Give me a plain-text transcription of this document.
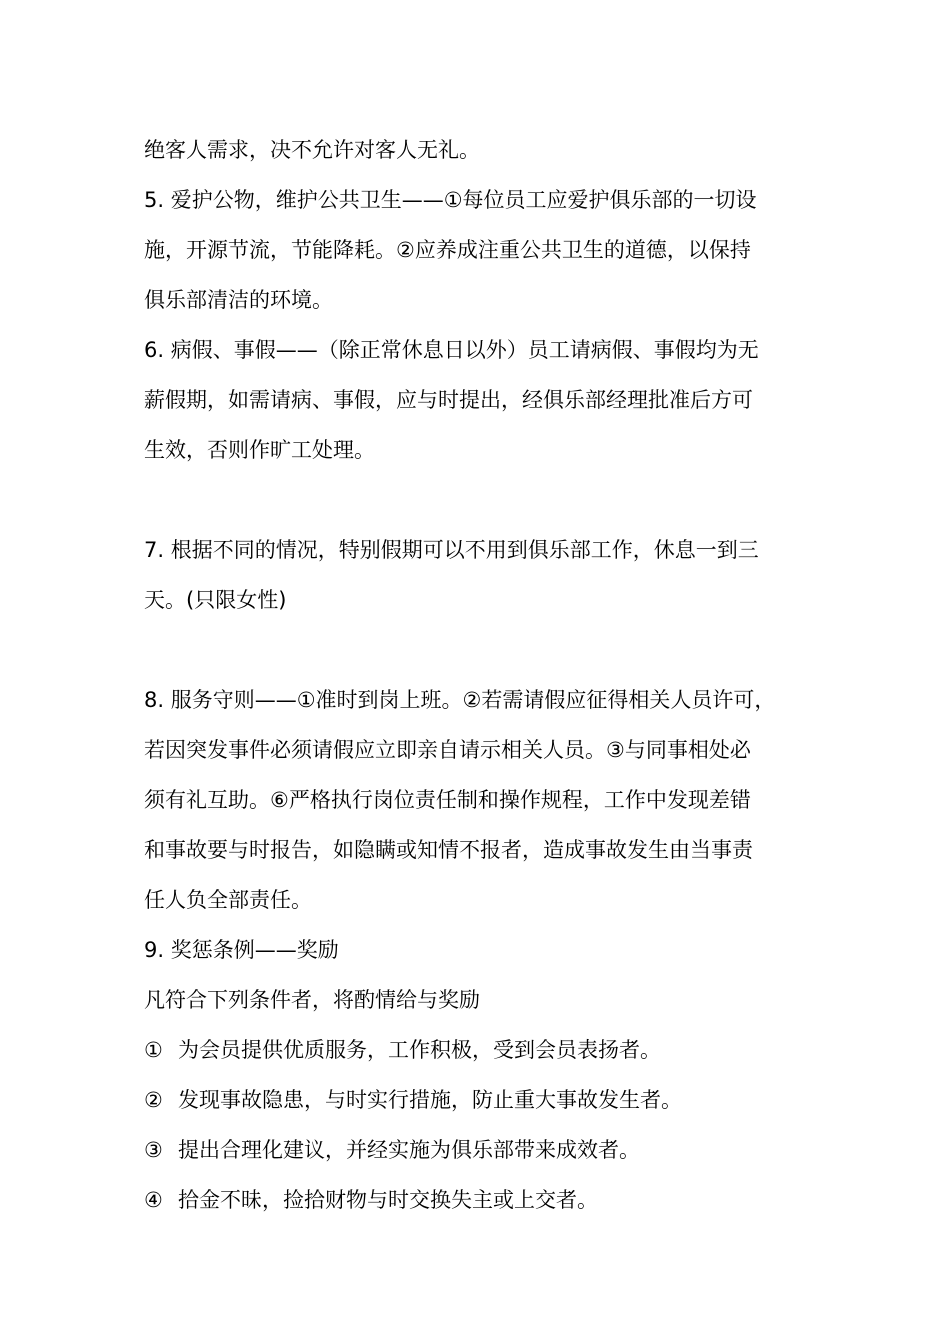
绝客人需求，决不允许对客人无礼。
5. 爱护公物，维护公共卫生——①每位员工应爱护俱乐部的一切设
施，开源节流，节能降耗。②应养成注重公共卫生的道德，以保持
俱乐部清洁的环境。
6. 病假、事假——（除正常休息日以外）员工请病假、事假均为无
薪假期，如需请病、事假，应与时提出，经俱乐部经理批准后方可
生效，否则作旷工处理。
7. 根据不同的情况，特别假期可以不用到俱乐部工作，休息一到三
天。(只限女性)
8. 服务守则——①准时到岗上班。②若需请假应征得相关人员许可，
若因突发事件必须请假应立即亲自请示相关人员。③与同事相处必
须有礼互助。⑥严格执行岗位责任制和操作规程，工作中发现差错
和事故要与时报告，如隐瞒或知情不报者，造成事故发生由当事责
任人负全部责任。
9. 奖惩条例——奖励
凡符合下列条件者，将酌情给与奖励
① 为会员提供优质服务，工作积极，受到会员表扬者。
② 发现事故隐患，与时实行措施，防止重大事故发生者。
③ 提出合理化建议，并经实施为俱乐部带来成效者。
④ 拾金不昧，捡拾财物与时交换失主或上交者。
